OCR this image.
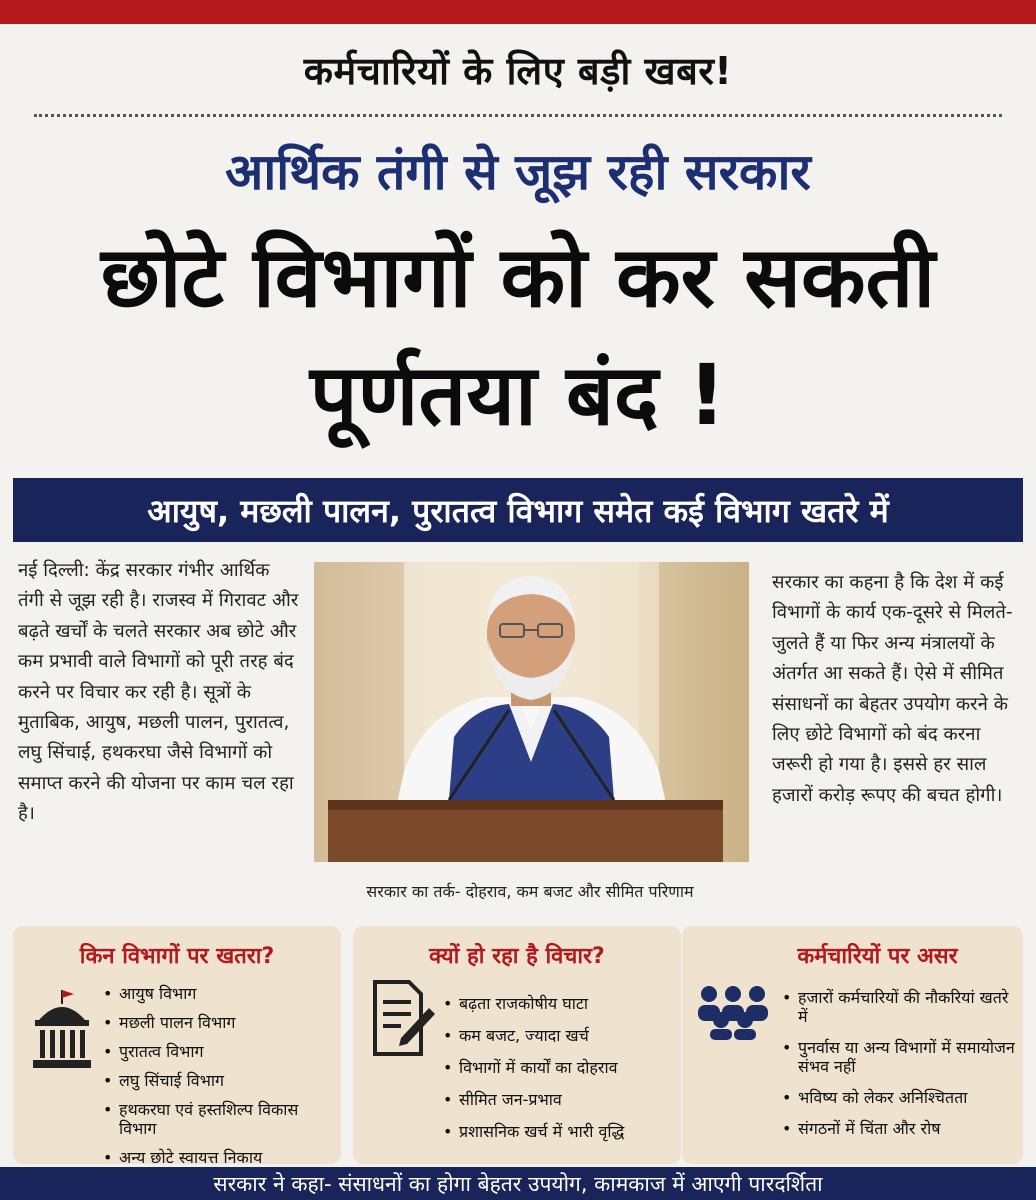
कर्मचारियों के लिए बड़ी खबर!
आर्थिक तंगी से जूझ रही सरकार
छोटे विभागों को कर सकती
पूर्णतया बंद !
आयुष, मछली पालन, पुरातत्व विभाग समेत कई विभाग खतरे में
नई दिल्ली: केंद्र सरकार गंभीर आर्थिक तंगी से जूझ रही है। राजस्व में गिरावट और बढ़ते खर्चों के चलते सरकार अब छोटे और कम प्रभावी वाले विभागों को पूरी तरह बंद करने पर विचार कर रही है। सूत्रों के मुताबिक, आयुष, मछली पालन, पुरातत्व, लघु सिंचाई, हथकरघा जैसे विभागों को समाप्त करने की योजना पर काम चल रहा है।
सरकार का तर्क- दोहराव, कम बजट और सीमित परिणाम
सरकार का कहना है कि देश में कई विभागों के कार्य एक-दूसरे से मिलते-जुलते हैं या फिर अन्य मंत्रालयों के अंतर्गत आ सकते हैं। ऐसे में सीमित संसाधनों का बेहतर उपयोग करने के लिए छोटे विभागों को बंद करना जरूरी हो गया है। इससे हर साल हजारों करोड़ रूपए की बचत होगी।
किन विभागों पर खतरा?
• आयुष विभाग
• मछली पालन विभाग
• पुरातत्व विभाग
• लघु सिंचाई विभाग
• हथकरघा एवं हस्तशिल्प विकास विभाग
• अन्य छोटे स्वायत्त निकाय
क्यों हो रहा है विचार?
• बढ़ता राजकोषीय घाटा
• कम बजट, ज्यादा खर्च
• विभागों में कार्यों का दोहराव
• सीमित जन-प्रभाव
• प्रशासनिक खर्च में भारी वृद्धि
कर्मचारियों पर असर
• हजारों कर्मचारियों की नौकरियां खतरे में
• पुनर्वास या अन्य विभागों में समायोजन संभव नहीं
• भविष्य को लेकर अनिश्चितता
• संगठनों में चिंता और रोष
सरकार ने कहा- संसाधनों का होगा बेहतर उपयोग, कामकाज में आएगी पारदर्शिता
